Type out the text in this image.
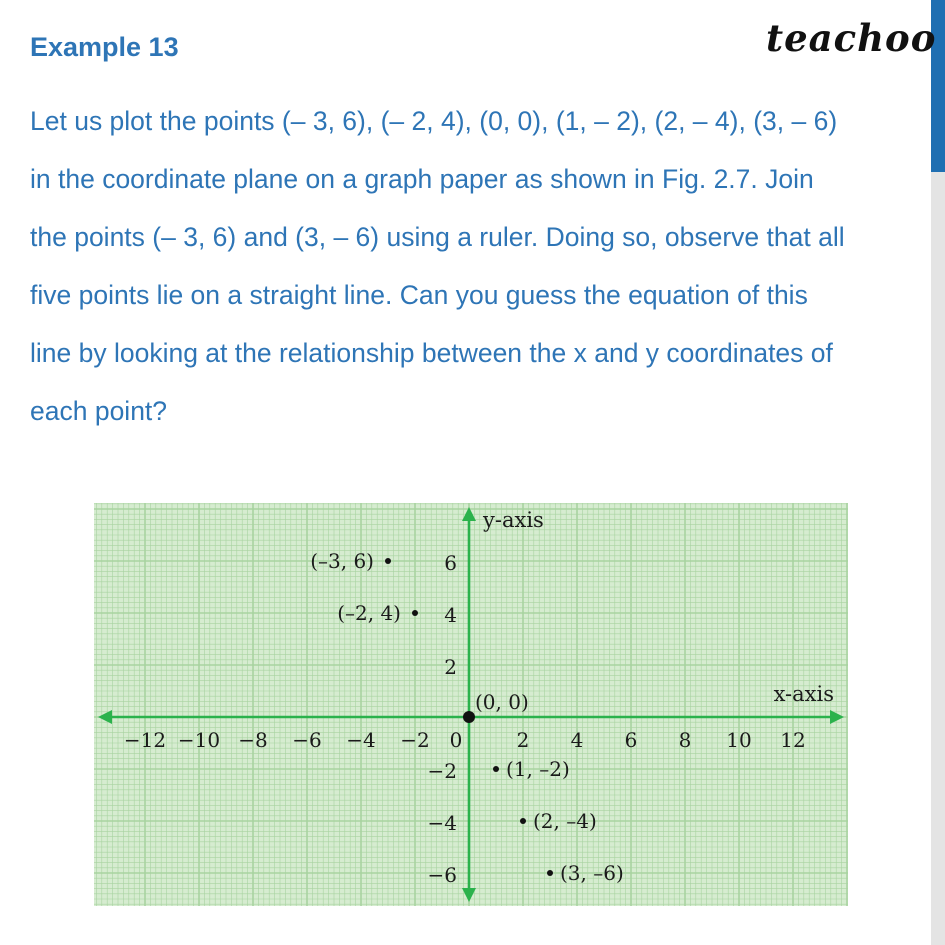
Example 13	teachoo
Let us plot the points (– 3, 6), (– 2, 4), (0, 0), (1, – 2), (2, – 4), (3, – 6)
in the coordinate plane on a graph paper as shown in Fig. 2.7. Join
the points (– 3, 6) and (3, – 6) using a ruler. Doing so, observe that all
five points lie on a straight line. Can you guess the equation of this
line by looking at the relationship between the x and y coordinates of
each point?
−12 −10 −8 −6 −4 −2 0	2 4 6 8 10 12
6
4
2
−2
−4
−6
(–3, 6)
(–2, 4)
(0, 0)
(1, –2)
(2, –4)
(3, –6)
x-axis
y-axis
